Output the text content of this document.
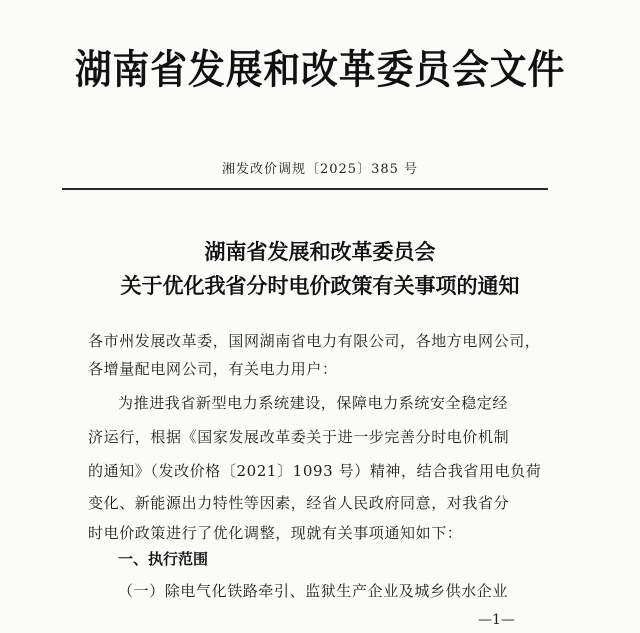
湖南省发展和改革委员会文件
湘发改价调规〔2025〕385 号
湖南省发展和改革委员会
关于优化我省分时电价政策有关事项的通知
各市州发展改革委，国网湖南省电力有限公司，各地方电网公司，
各增量配电网公司，有关电力用户：
为推进我省新型电力系统建设，保障电力系统安全稳定经
济运行，根据《国家发展改革委关于进一步完善分时电价机制
的通知》（发改价格〔2021〕1093 号）精神，结合我省用电负荷
变化、新能源出力特性等因素，经省人民政府同意，对我省分
时电价政策进行了优化调整，现就有关事项通知如下：
一、执行范围
（一）除电气化铁路牵引、监狱生产企业及城乡供水企业
—1—
